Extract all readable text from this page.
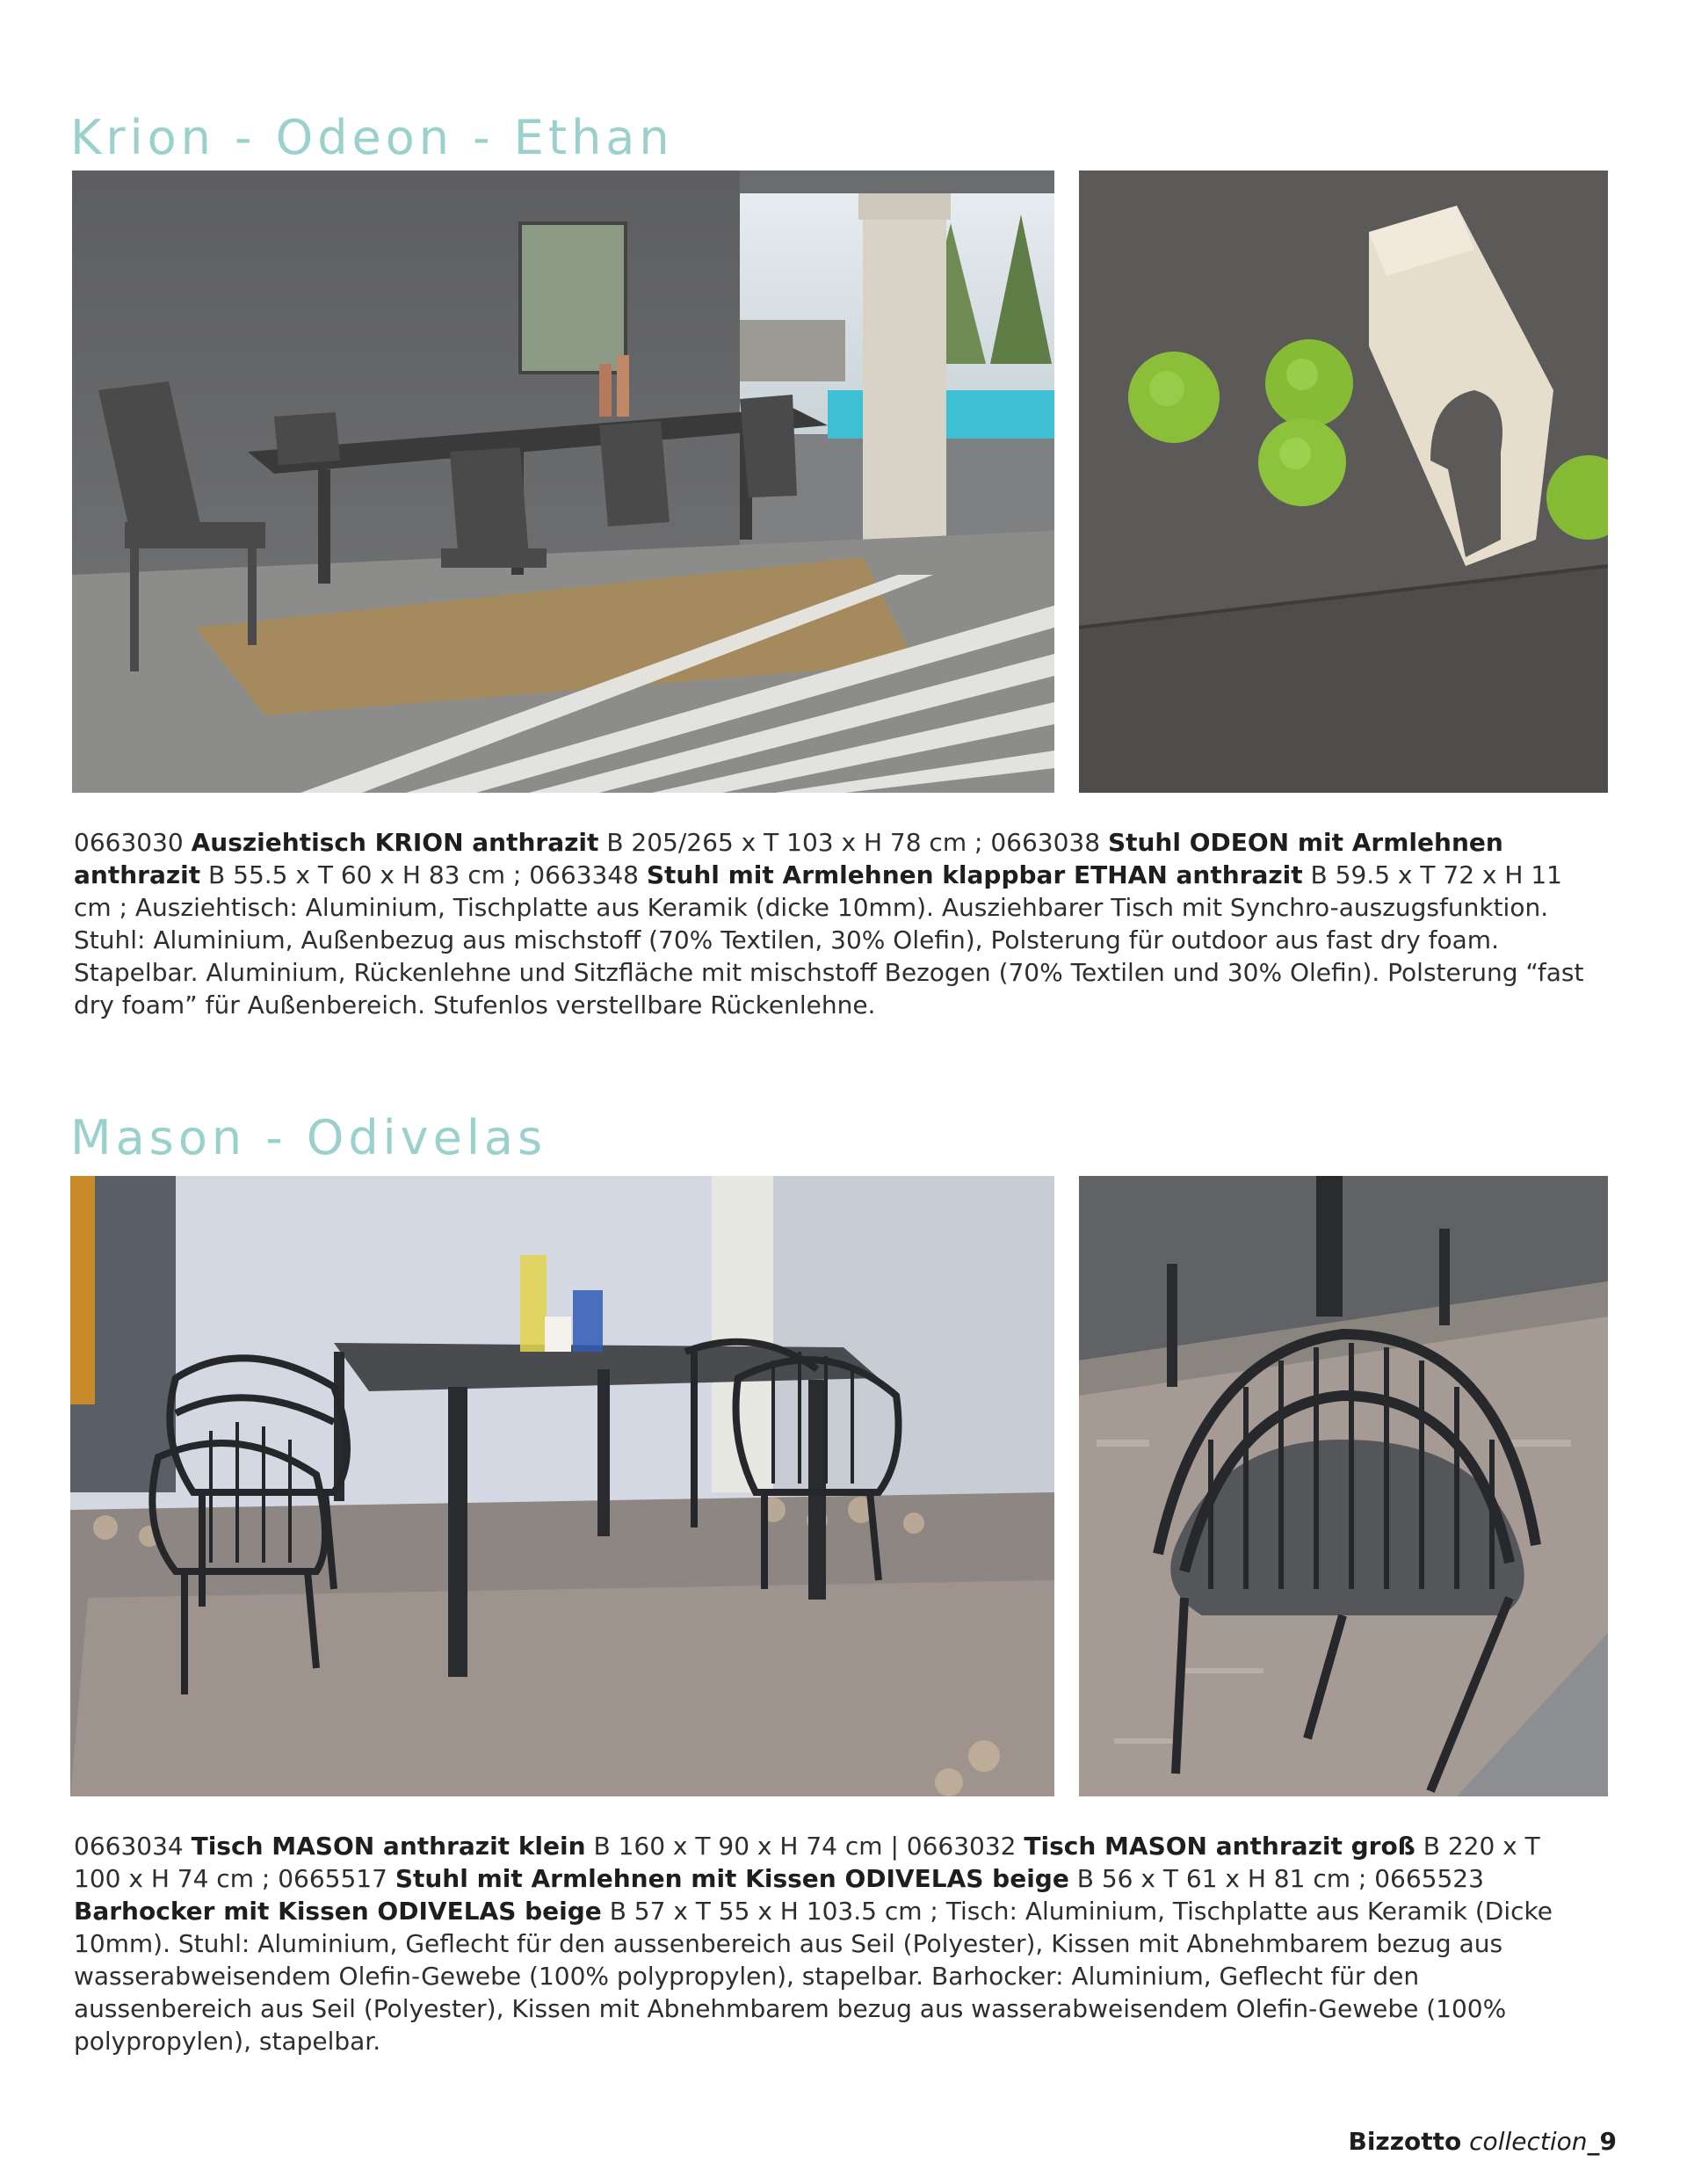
Krion - Odeon - Ethan

0663030 Ausziehtisch KRION anthrazit B 205/265 x T 103 x H 78 cm ; 0663038 Stuhl ODEON mit Armlehnen anthrazit B 55.5 x T 60 x H 83 cm ; 0663348 Stuhl mit Armlehnen klappbar ETHAN anthrazit B 59.5 x T 72 x H 11 cm ; Ausziehtisch: Aluminium, Tischplatte aus Keramik (dicke 10mm). Ausziehbarer Tisch mit Synchro-auszugsfunktion. Stuhl: Aluminium, Außenbezug aus mischstoff (70% Textilen, 30% Olefin), Polsterung für outdoor aus fast dry foam. Stapelbar. Aluminium, Rückenlehne und Sitzfläche mit mischstoff Bezogen (70% Textilen und 30% Olefin). Polsterung “fast dry foam” für Außenbereich. Stufenlos verstellbare Rückenlehne.

Mason - Odivelas

0663034 Tisch MASON anthrazit klein B 160 x T 90 x H 74 cm | 0663032 Tisch MASON anthrazit groß B 220 x T 100 x H 74 cm ; 0665517 Stuhl mit Armlehnen mit Kissen ODIVELAS beige B 56 x T 61 x H 81 cm ; 0665523 Barhocker mit Kissen ODIVELAS beige B 57 x T 55 x H 103.5 cm ; Tisch: Aluminium, Tischplatte aus Keramik (Dicke 10mm). Stuhl: Aluminium, Geflecht für den aussenbereich aus Seil (Polyester), Kissen mit Abnehmbarem bezug aus wasserabweisendem Olefin-Gewebe (100% polypropylen), stapelbar. Barhocker: Aluminium, Geflecht für den aussenbereich aus Seil (Polyester), Kissen mit Abnehmbarem bezug aus wasserabweisendem Olefin-Gewebe (100% polypropylen), stapelbar.

Bizzotto collection_9
